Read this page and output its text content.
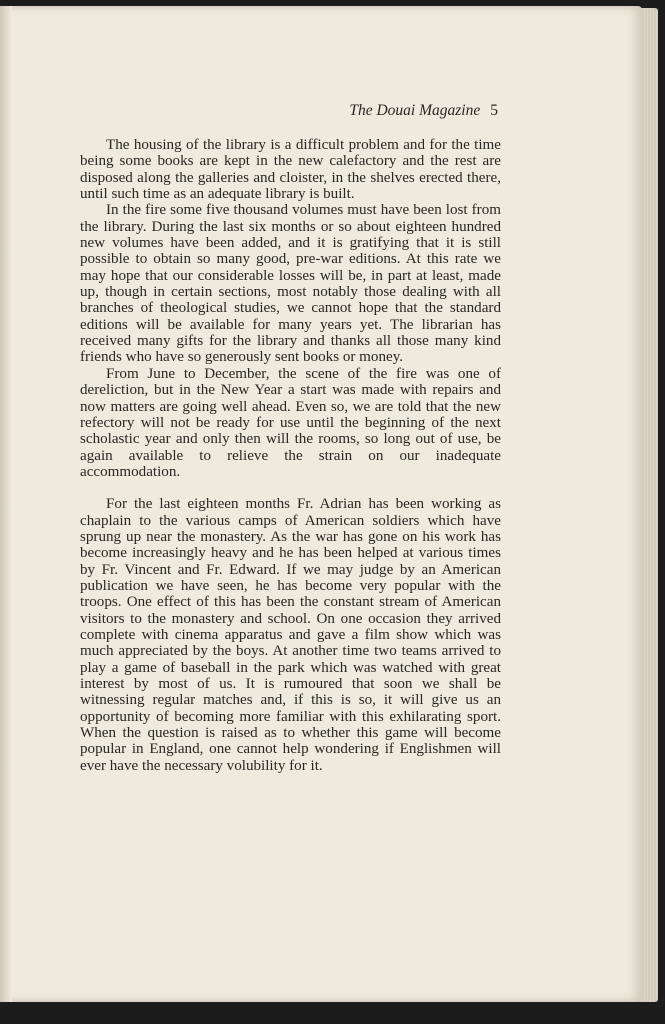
The Douai Magazine 5

The housing of the library is a difficult problem and for the time being some books are kept in the new calefactory and the rest are disposed along the galleries and cloister, in the shelves erected there, until such time as an adequate library is built.

In the fire some five thousand volumes must have been lost from the library. During the last six months or so about eighteen hundred new volumes have been added, and it is gratifying that it is still possible to obtain so many good, pre-war editions. At this rate we may hope that our considerable losses will be, in part at least, made up, though in certain sections, most notably those dealing with all branches of theological studies, we cannot hope that the standard editions will be available for many years yet. The librarian has received many gifts for the library and thanks all those many kind friends who have so generously sent books or money.

From June to December, the scene of the fire was one of dereliction, but in the New Year a start was made with repairs and now matters are going well ahead. Even so, we are told that the new refectory will not be ready for use until the beginning of the next scholastic year and only then will the rooms, so long out of use, be again available to relieve the strain on our inadequate accommodation.

For the last eighteen months Fr. Adrian has been working as chaplain to the various camps of American soldiers which have sprung up near the monastery. As the war has gone on his work has become increasingly heavy and he has been helped at various times by Fr. Vincent and Fr. Edward. If we may judge by an American publication we have seen, he has become very popular with the troops. One effect of this has been the constant stream of American visitors to the monastery and school. On one occasion they arrived complete with cinema apparatus and gave a film show which was much appreciated by the boys. At another time two teams arrived to play a game of baseball in the park which was watched with great interest by most of us. It is rumoured that soon we shall be witnessing regular matches and, if this is so, it will give us an opportunity of becoming more familiar with this exhilarating sport. When the question is raised as to whether this game will become popular in England, one cannot help wondering if Englishmen will ever have the necessary volubility for it.
